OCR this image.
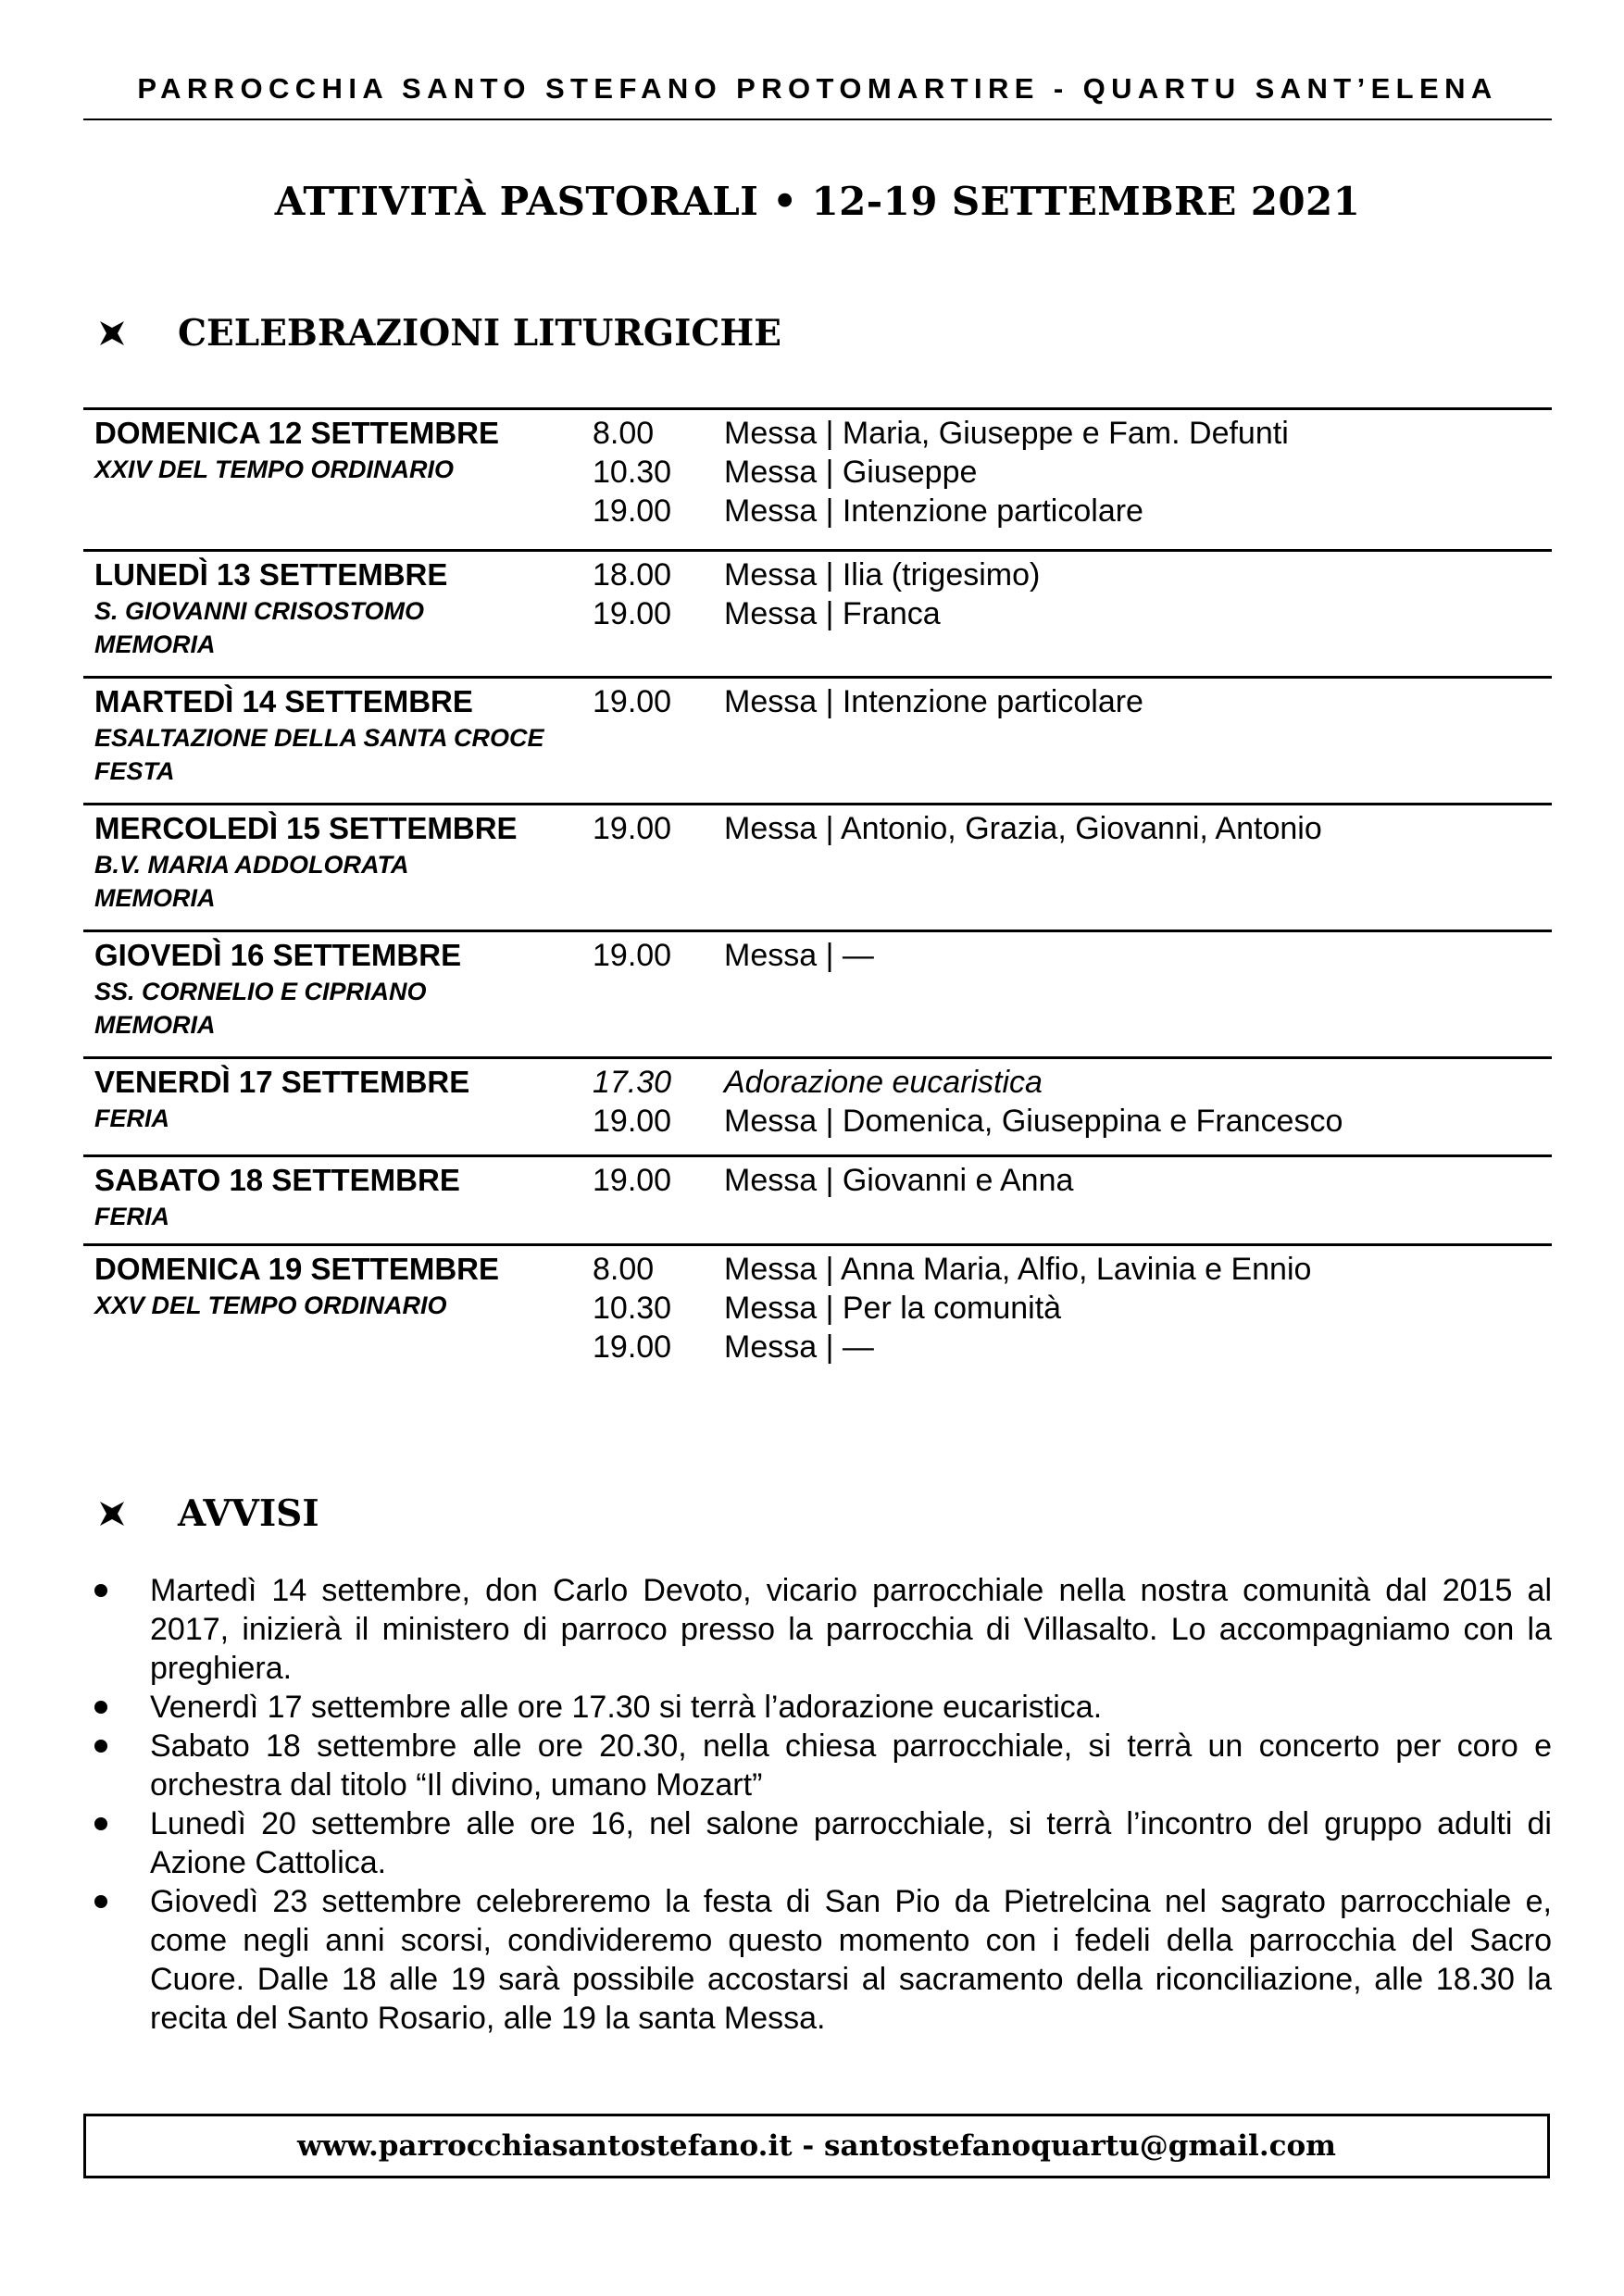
PARROCCHIA SANTO STEFANO PROTOMARTIRE - QUARTU SANT’ELENA
ATTIVITÀ PASTORALI • 12-19 SETTEMBRE 2021
CELEBRAZIONI LITURGICHE
DOMENICA 12 SETTEMBRE
XXIV DEL TEMPO ORDINARIO
8.00	Messa | Maria, Giuseppe e Fam. Defunti
10.30	Messa | Giuseppe
19.00	Messa | Intenzione particolare
LUNEDÌ 13 SETTEMBRE
S. GIOVANNI CRISOSTOMO
MEMORIA
18.00	Messa | Ilia (trigesimo)
19.00	Messa | Franca
MARTEDÌ 14 SETTEMBRE
ESALTAZIONE DELLA SANTA CROCE
FESTA
19.00	Messa | Intenzione particolare
MERCOLEDÌ 15 SETTEMBRE
B.V. MARIA ADDOLORATA
MEMORIA
19.00	Messa | Antonio, Grazia, Giovanni, Antonio
GIOVEDÌ 16 SETTEMBRE
SS. CORNELIO E CIPRIANO
MEMORIA
19.00	Messa | —
VENERDÌ 17 SETTEMBRE
FERIA
17.30	Adorazione eucaristica
19.00	Messa | Domenica, Giuseppina e Francesco
SABATO 18 SETTEMBRE
FERIA
19.00	Messa | Giovanni e Anna
DOMENICA 19 SETTEMBRE
XXV DEL TEMPO ORDINARIO
8.00	Messa | Anna Maria, Alfio, Lavinia e Ennio
10.30	Messa | Per la comunità
19.00	Messa | —
AVVISI
Martedì 14 settembre, don Carlo Devoto, vicario parrocchiale nella nostra comunità dal 2015 al 2017, inizierà il ministero di parroco presso la parrocchia di Villasalto. Lo accompagniamo con la preghiera.
Venerdì 17 settembre alle ore 17.30 si terrà l’adorazione eucaristica.
Sabato 18 settembre alle ore 20.30, nella chiesa parrocchiale, si terrà un concerto per coro e orchestra dal titolo “Il divino, umano Mozart”
Lunedì 20 settembre alle ore 16, nel salone parrocchiale, si terrà l’incontro del gruppo adulti di Azione Cattolica.
Giovedì 23 settembre celebreremo la festa di San Pio da Pietrelcina nel sagrato parrocchiale e, come negli anni scorsi, condivideremo questo momento con i fedeli della parrocchia del Sacro Cuore. Dalle 18 alle 19 sarà possibile accostarsi al sacramento della riconciliazione, alle 18.30 la recita del Santo Rosario, alle 19 la santa Messa.
www.parrocchiasantostefano.it - santostefanoquartu@gmail.com
